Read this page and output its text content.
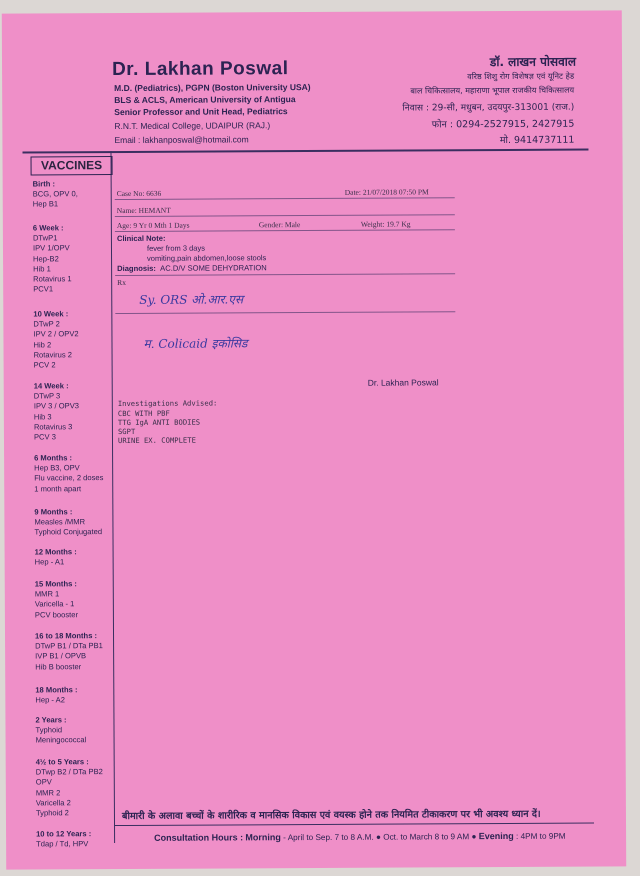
Dr. Lakhan Poswal
M.D. (Pediatrics), PGPN (Boston University USA)
BLS & ACLS, American University of Antigua
Senior Professor and Unit Head, Pediatrics
R.N.T. Medical College, UDAIPUR (RAJ.)
Email : lakhanposwal@hotmail.com
डॉ. लाखन पोसवाल
वरिष्ठ शिशु रोग विशेषज्ञ एवं यूनिट हेड
बाल चिकित्सालय, महाराणा भूपाल राजकीय चिकित्सालय
निवास : 29-सी, मधुबन, उदयपुर-313001 (राज.)
फोन : 0294-2527915, 2427915
मो. 9414737111
VACCINES
Birth :
BCG, OPV 0,
Hep B1
6 Week :
DTwP1
IPV 1/OPV
Hep-B2
Hib 1
Rotavirus 1
PCV1
10 Week :
DTwP 2
IPV 2 / OPV2
Hib 2
Rotavirus 2
PCV 2
14 Week :
DTwP 3
IPV 3 / OPV3
Hib 3
Rotavirus 3
PCV 3
6 Months :
Hep B3, OPV
Flu vaccine, 2 doses
1 month apart
9 Months :
Measles /MMR
Typhoid Conjugated
12 Months :
Hep - A1
15 Months :
MMR 1
Varicella - 1
PCV booster
16 to 18 Months :
DTwP B1 / DTa PB1
IVP B1 / OPVB
Hib B booster
18 Months :
Hep - A2
2 Years :
Typhoid
Meningococcal
4½ to 5 Years :
DTwp B2 / DTa PB2
OPV
MMR 2
Varicella 2
Typhoid 2
10 to 12 Years :
Tdap / Td, HPV
Case No: 6636	Date: 21/07/2018 07:50 PM
Name: HEMANT
Age: 9 Yr 0 Mth 1 Days	Gender: Male	Weight: 19.7 Kg
Clinical Note:
fever from 3 days
vomiting,pain abdomen,loose stools
Diagnosis: AC.D/V SOME DEHYDRATION
Rx
Sy. ORS ओ.आर.एस
म. Colicaid इकोसिड
Dr. Lakhan Poswal
Investigations Advised:
CBC WITH PBF
TTG IgA ANTI BODIES
SGPT
URINE EX. COMPLETE
बीमारी के अलावा बच्चों के शारीरिक व मानसिक विकास एवं वयस्क होने तक नियमित टीकाकरण पर भी अवश्य ध्यान दें।
Consultation Hours : Morning - April to Sep. 7 to 8 A.M. ● Oct. to March 8 to 9 AM ● Evening : 4PM to 9PM
